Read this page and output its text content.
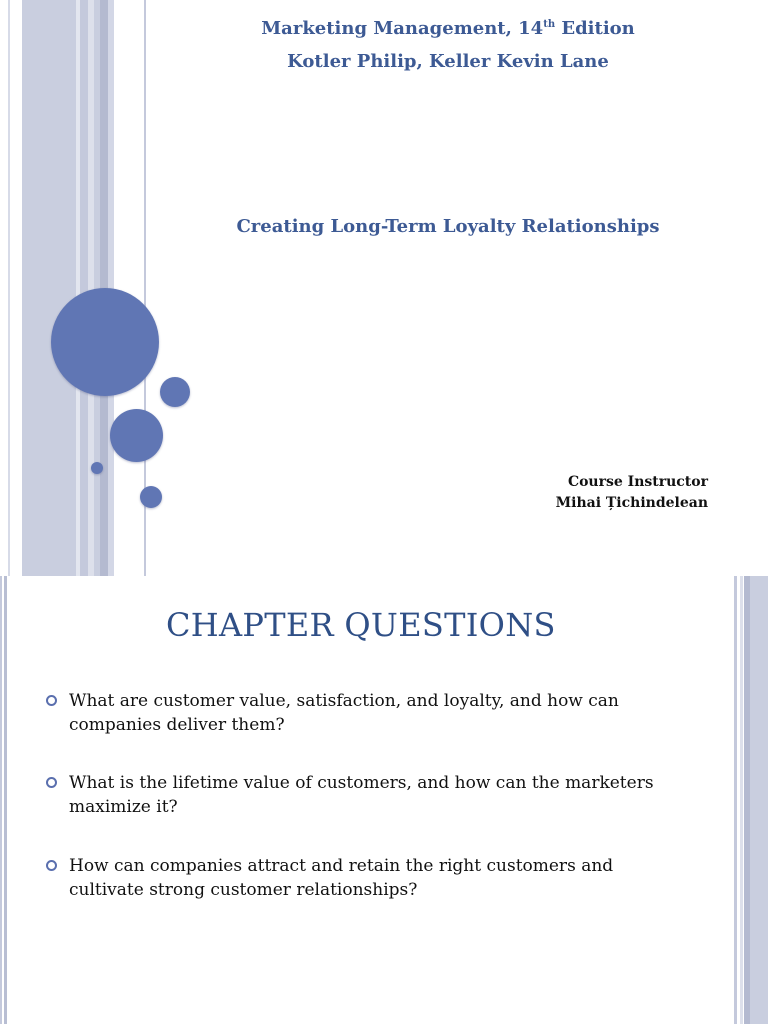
Marketing Management, 14th Edition
Kotler Philip, Keller Kevin Lane
Creating Long-Term Loyalty Relationships
Course Instructor
Mihai Țichindelean
CHAPTER QUESTIONS
What are customer value, satisfaction, and loyalty, and how can
companies deliver them?
What is the lifetime value of customers, and how can the marketers
maximize it?
How can companies attract and retain the right customers and
cultivate strong customer relationships?
